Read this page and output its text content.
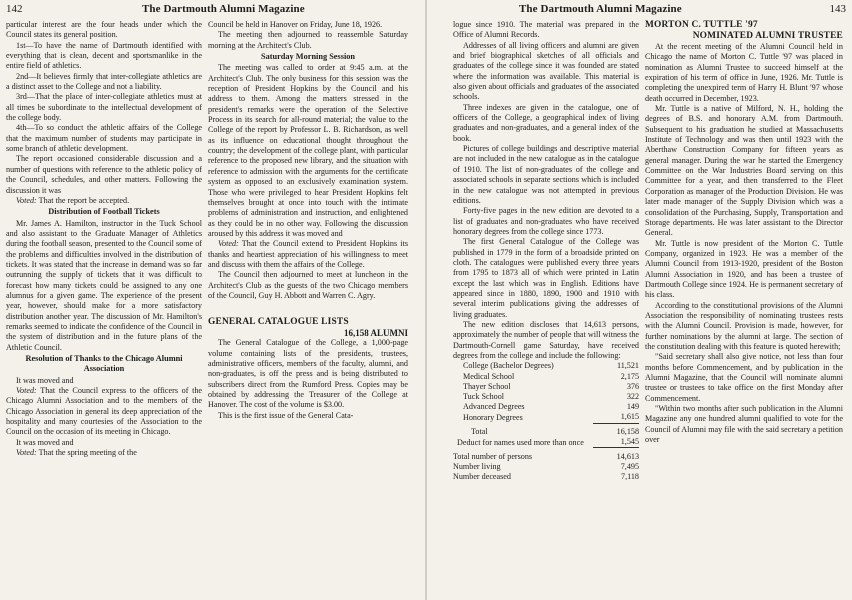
142	The Dartmouth Alumni Magazine

particular interest are the four heads under which the Council states its general position.

1st—To have the name of Dartmouth identified with everything that is clean, decent and sportsmanlike in the entire field of athletics.

2nd—It believes firmly that inter-collegiate athletics are a distinct asset to the College and not a liability.

3rd—That the place of inter-collegiate athletics must at all times be subordinate to the intellectual development of the college body.

4th—To so conduct the athletic affairs of the College that the maximum number of students may participate in some branch of athletic development.

The report occasioned considerable discussion and a number of questions with reference to the athletic policy of the Council, schedules, and other matters. Following the discussion it was

Voted: That the report be accepted.

Distribution of Football Tickets

Mr. James A. Hamilton, instructor in the Tuck School and also assistant to the Graduate Manager of Athletics during the football season, presented to the Council some of the problems and difficulties involved in the distribution of tickets. It was stated that the increase in demand was so far outrunning the supply of tickets that it was difficult to forecast how many tickets could be assigned to any one alumnus for a given game. The experience of the present year, however, should make for a more satisfactory distribution another year. The discussion of Mr. Hamilton's remarks seemed to indicate the confidence of the Council in the system of distribution and in the future plans of the Athletic Council.

Resolution of Thanks to the Chicago Alumni Association

It was moved and

Voted: That the Council express to the officers of the Chicago Alumni Association and to the members of the Chicago Association in general its deep appreciation of the hospitality and many courtesies of the Association to the Council on the occasion of its meeting in Chicago.

It was moved and

Voted: That the spring meeting of the

Council be held in Hanover on Friday, June 18, 1926.

The meeting then adjourned to reassemble Saturday morning at the Architect's Club.

Saturday Morning Session

The meeting was called to order at 9:45 a.m. at the Architect's Club. The only business for this session was the reception of President Hopkins by the Council and his address to them. Among the matters stressed in the president's remarks were the operation of the Selective Process in its search for all-round material; the value to the College of the report by Professor L. B. Richardson, as well as its influence on educational thought throughout the country; the development of the college plant, with particular reference to the proposed new library, and the situation with reference to admission with the arguments for the certificate system as opposed to an exclusively examination system. Those who were privileged to hear President Hopkins felt themselves brought at once into touch with the intimate problems of administration and instruction, and enlightened as they could be in no other way. Following the discussion aroused by this address it was moved and

Voted: That the Council extend to President Hopkins its thanks and heartiest appreciation of his willingness to meet and discuss with them the affairs of the College.

The Council then adjourned to meet at luncheon in the Architect's Club as the guests of the two Chicago members of the Council, Guy H. Abbott and Warren C. Agry.

GENERAL CATALOGUE LISTS
16,158 ALUMNI

The General Catalogue of the College, a 1,000-page volume containing lists of the presidents, trustees, administrative officers, members of the faculty, alumni, and non-graduates, is off the press and is being distributed to subscribers direct from the Rumford Press. Copies may be obtained by addressing the Treasurer of the College at Hanover. The cost of the volume is $3.00.

This is the first issue of the General Cata-

The Dartmouth Alumni Magazine	143

logue since 1910. The material was prepared in the Office of Alumni Records.

Addresses of all living officers and alumni are given and brief biographical sketches of all officials and graduates of the college since it was founded are stated where the information was available. This material is also given about officials and graduates of the associated schools.

Three indexes are given in the catalogue, one of officers of the College, a geographical index of living graduates and non-graduates, and a general index of the book.

Pictures of college buildings and descriptive material are not included in the new catalogue as in the catalogue of 1910. The list of non-graduates of the college and associated schools in separate sections which is included in the new catalogue was not attempted in previous editions.

Forty-five pages in the new edition are devoted to a list of graduates and non-graduates who have received honorary degrees from the college since 1773.

The first General Catalogue of the College was published in 1779 in the form of a broadside printed on cloth. The catalogues were published every three years from 1795 to 1873 all of which were printed in Latin except the last which was in English. Editions have appeared since in 1880, 1890, 1900 and 1910 with several interim publications giving the addresses of living graduates.

The new edition discloses that 14,613 persons, approximately the number of people that will witness the Dartmouth-Cornell game Saturday, have received degrees from the college and include the following:

College (Bachelor Degrees)	11,521
Medical School	2,175
Thayer School	376
Tuck School	322
Advanced Degrees	149
Honorary Degrees	1,615

Total	16,158
Deduct for names used more than once	1,545

Total number of persons	14,613
Number living	7,495
Number deceased	7,118
MORTON C. TUTTLE '97
NOMINATED ALUMNI TRUSTEE

At the recent meeting of the Alumni Council held in Chicago the name of Morton C. Tuttle '97 was placed in nomination as Alumni Trustee to succeed himself at the expiration of his term of office in June, 1926. Mr. Tuttle is completing the unexpired term of Harry H. Blunt '97 whose death occurred in December, 1923.

Mr. Tuttle is a native of Milford, N. H., holding the degrees of B.S. and honorary A.M. from Dartmouth. Subsequent to his graduation he studied at Massachusetts Institute of Technology and was then until 1923 with the Aberthaw Construction Company for fifteen years as general manager. During the war he started the Emergency Committee on the War Industries Board serving on this Committee for a year, and then transferred to the Fleet Corporation as manager of the Production Division. He was later made manager of the Supply Division which was a consolidation of the Purchasing, Supply, Transportation and Storage departments. He was later assistant to the Director General.

Mr. Tuttle is now president of the Morton C. Tuttle Company, organized in 1923. He was a member of the Alumni Council from 1913-1920, president of the Boston Alumni Association in 1920, and has been a trustee of Dartmouth College since 1924. He is permanent secretary of his class.

According to the constitutional provisions of the Alumni Association the responsibility of nominating trustees rests with the Alumni Council. Provision is made, however, for further nominations by the alumni at large. The section of the constitution dealing with this feature is quoted herewith;

"Said secretary shall also give notice, not less than four months before Commencement, and by publication in the Alumni Magazine, that the Council will nominate alumni trustee or trustees to take office on the first Monday after Commencement.

"Within two months after such publication in the Alumni Magazine any one hundred alumni qualified to vote for the Council of Alumni may file with the said secretary a petition over
